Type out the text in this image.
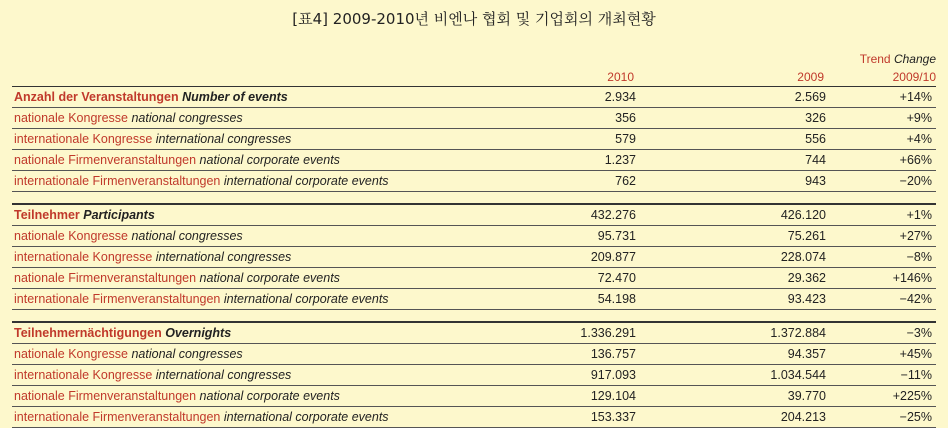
[표4] 2009-2010년 비엔나 협회 및 기업회의 개최현황
Trend Change
2010	2009	2009/10
Anzahl der Veranstaltungen Number of events	2.934	2.569	+14%
nationale Kongresse national congresses	356	326	+9%
internationale Kongresse international congresses	579	556	+4%
nationale Firmenveranstaltungen national corporate events	1.237	744	+66%
internationale Firmenveranstaltungen international corporate events	762	943	−20%
Teilnehmer Participants	432.276	426.120	+1%
nationale Kongresse national congresses	95.731	75.261	+27%
internationale Kongresse international congresses	209.877	228.074	−8%
nationale Firmenveranstaltungen national corporate events	72.470	29.362	+146%
internationale Firmenveranstaltungen international corporate events	54.198	93.423	−42%
Teilnehmernächtigungen Overnights	1.336.291	1.372.884	−3%
nationale Kongresse national congresses	136.757	94.357	+45%
internationale Kongresse international congresses	917.093	1.034.544	−11%
nationale Firmenveranstaltungen national corporate events	129.104	39.770	+225%
internationale Firmenveranstaltungen international corporate events	153.337	204.213	−25%
